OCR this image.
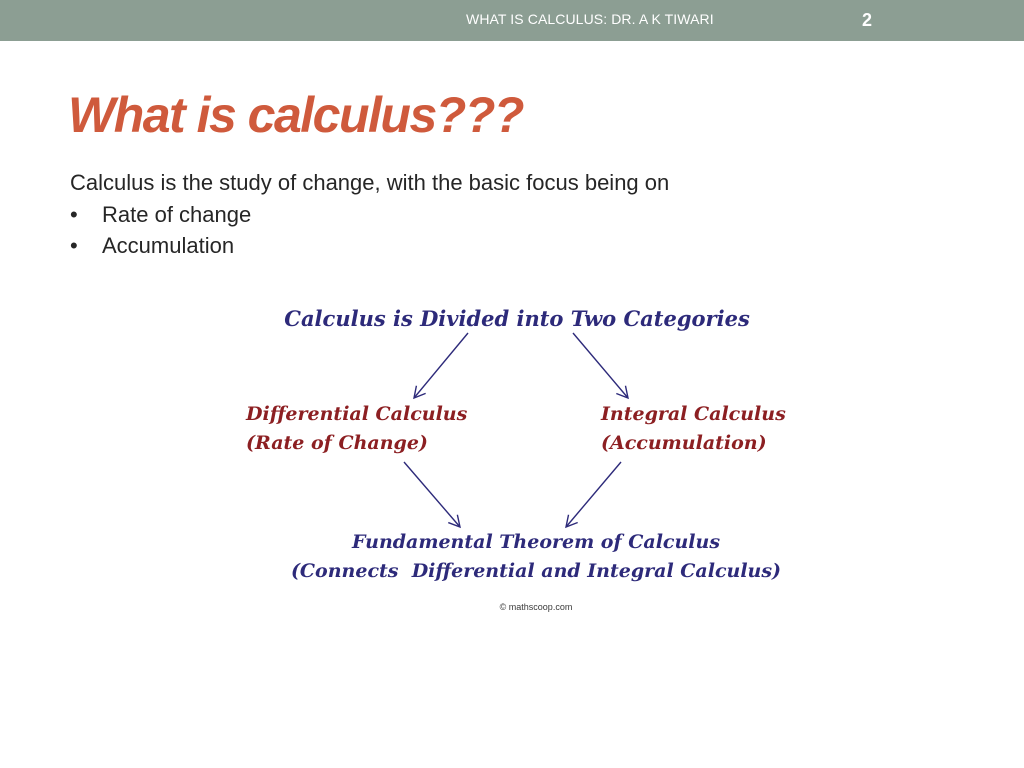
WHAT IS CALCULUS: DR. A K TIWARI	2
What is calculus???
Calculus is the study of change, with the basic focus being on
• Rate of change
• Accumulation
Calculus is Divided into Two Categories
Differential Calculus
(Rate of Change)
Integral Calculus
(Accumulation)
Fundamental Theorem of Calculus
(Connects  Differential and Integral Calculus)
© mathscoop.com
